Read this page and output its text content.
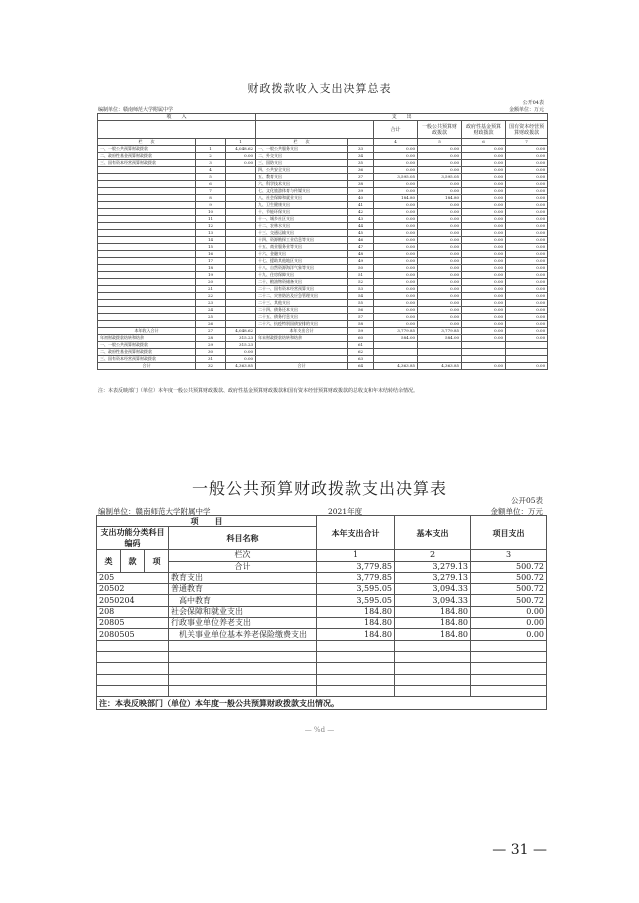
财政拨款收入支出决算总表
公开04表
编制单位：赣南师范大学附属中学	金额单位：万元
收　　入			支　　出					
					合计	一般公共预算财政拨款	政府性基金预算财政拨款	国有资本经营预算财政拨款
栏　　次		1	栏　　次		4	5	6	7
一、一般公共预算财政拨款	1	4,048.62	一、一般公共服务支出	33	0.00	0.00	0.00	0.00
二、政府性基金预算财政拨款	2	0.00	二、外交支出	34	0.00	0.00	0.00	0.00
三、国有资本经营预算财政拨款	3	0.00	三、国防支出	35	0.00	0.00	0.00	0.00
	4		四、公共安全支出	36	0.00	0.00	0.00	0.00
	5		五、教育支出	37	3,595.05	3,595.05	0.00	0.00
	6		六、科学技术支出	38	0.00	0.00	0.00	0.00
	7		七、文化旅游体育与传媒支出	39	0.00	0.00	0.00	0.00
	8		八、社会保障和就业支出	40	184.80	184.80	0.00	0.00
	9		九、卫生健康支出	41	0.00	0.00	0.00	0.00
	10		十、节能环保支出	42	0.00	0.00	0.00	0.00
	11		十一、城乡社区支出	43	0.00	0.00	0.00	0.00
	12		十二、农林水支出	44	0.00	0.00	0.00	0.00
	13		十三、交通运输支出	45	0.00	0.00	0.00	0.00
	14		十四、资源勘探工业信息等支出	46	0.00	0.00	0.00	0.00
	15		十五、商业服务业等支出	47	0.00	0.00	0.00	0.00
	16		十六、金融支出	48	0.00	0.00	0.00	0.00
	17		十七、援助其他地区支出	49	0.00	0.00	0.00	0.00
	18		十八、自然资源海洋气象等支出	50	0.00	0.00	0.00	0.00
	19		十九、住房保障支出	51	0.00	0.00	0.00	0.00
	20		二十、粮油物资储备支出	52	0.00	0.00	0.00	0.00
	21		二十一、国有资本经营预算支出	53	0.00	0.00	0.00	0.00
	22		二十二、灾害防治及应急管理支出	54	0.00	0.00	0.00	0.00
	23		二十三、其他支出	55	0.00	0.00	0.00	0.00
	24		二十四、债务还本支出	56	0.00	0.00	0.00	0.00
	25		二十五、债务付息支出	57	0.00	0.00	0.00	0.00
	26		二十六、抗疫特别国债安排的支出	58	0.00	0.00	0.00	0.00
本年收入合计	27	4,048.62	本年支出合计	59	3,779.85	3,779.85	0.00	0.00
年初财政拨款结转和结余	28	315.23	年末财政拨款结转和结余	60	584.00	584.00	0.00	0.00
一、一般公共预算财政拨款	29	315.23		61				
二、政府性基金预算财政拨款	30	0.00		62				
三、国有资本经营预算财政拨款	31	0.00		63				
合计	32	4,363.85	合计	64	4,363.85	4,363.85	0.00	0.00
注：本表反映部门（单位）本年度一般公共预算财政拨款、政府性基金预算财政拨款和国有资本经营预算财政拨款的总收支和年末结转结余情况。
一般公共预算财政拨款支出决算表
公开05表
编制单位：赣南师范大学附属中学	2021年度	金额单位：万元
项　　目				本年支出合计	基本支出	项目支出
支出功能分类科目编码			科目名称			

类	款	项	栏次	1	2	3
			合计	3,779.85	3,279.13	500.72
205			教育支出	3,779.85	3,279.13	500.72
20502			普通教育	3,595.05	3,094.33	500.72
2050204			　高中教育	3,595.05	3,094.33	500.72
208			社会保障和就业支出	184.80	184.80	0.00
20805			行政事业单位养老支出	184.80	184.80	0.00
2080505			　机关事业单位基本养老保险缴费支出	184.80	184.80	0.00

注：本表反映部门（单位）本年度一般公共预算财政拨款支出情况。						
— %d —
— 31 —
